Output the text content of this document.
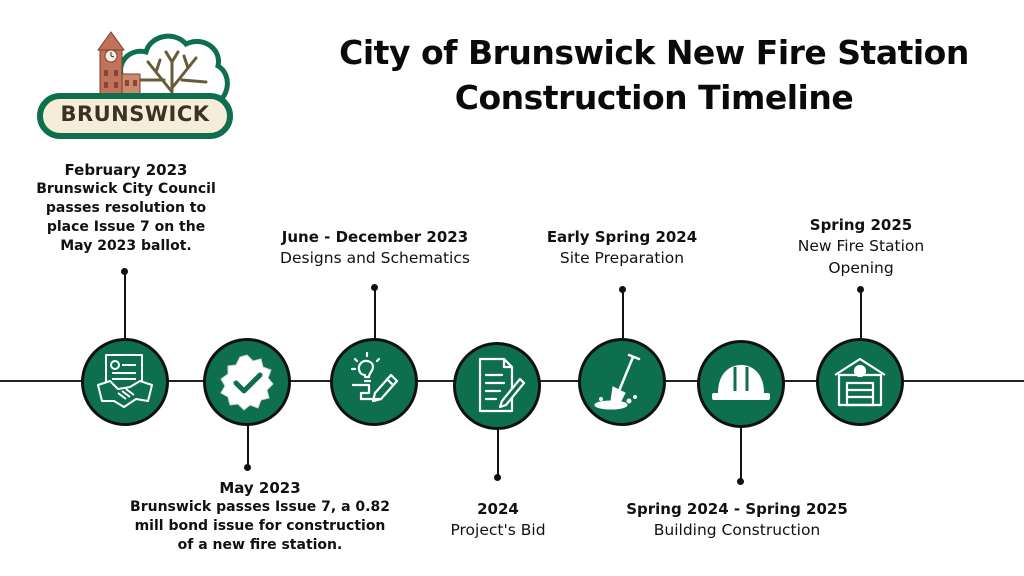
BRUNSWICK
City of Brunswick New Fire Station
Construction Timeline
February 2023
Brunswick City Council
passes resolution to
place Issue 7 on the
May 2023 ballot.	June - December 2023
Designs and Schematics
Early Spring 2024
Site Preparation
Spring 2025
New Fire Station
Opening
May 2023
Brunswick passes Issue 7, a 0.82
mill bond issue for construction
of a new fire station.
2024
Project's Bid
Spring 2024 - Spring 2025
Building Construction
